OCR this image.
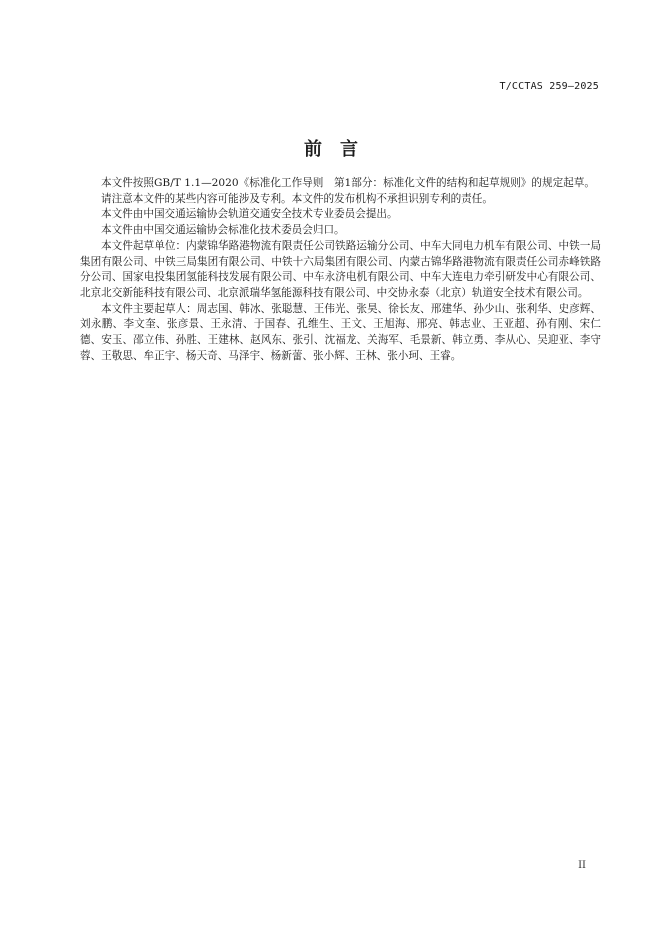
T/CCTAS 259—2025
前言

本文件按照GB/T 1.1—2020《标准化工作导则　第1部分：标准化文件的结构和起草规则》的规定起草。

请注意本文件的某些内容可能涉及专利。本文件的发布机构不承担识别专利的责任。

本文件由中国交通运输协会轨道交通安全技术专业委员会提出。

本文件由中国交通运输协会标准化技术委员会归口。

本文件起草单位：内蒙锦华路港物流有限责任公司铁路运输分公司、中车大同电力机车有限公司、中铁一局集团有限公司、中铁三局集团有限公司、中铁十六局集团有限公司、内蒙古锦华路港物流有限责任公司赤峰铁路分公司、国家电投集团氢能科技发展有限公司、中车永济电机有限公司、中车大连电力牵引研发中心有限公司、北京北交新能科技有限公司、北京派瑞华氢能源科技有限公司、中交协永泰（北京）轨道安全技术有限公司。

本文件主要起草人：周志国、韩冰、张聪慧、王伟光、张昊、徐长友、邢建华、孙少山、张利华、史彦辉、刘永鹏、李文奎、张彦景、王永清、于国春、孔维生、王文、王旭海、邢亮、韩志业、王亚超、孙有刚、宋仁德、安玉、邵立伟、孙胜、王建林、赵风东、张引、沈福龙、关海军、毛景新、韩立勇、李从心、吴迎亚、李守蓉、王敬思、牟正宇、杨天奇、马泽宇、杨新蕾、张小辉、王林、张小珂、王睿。

II
